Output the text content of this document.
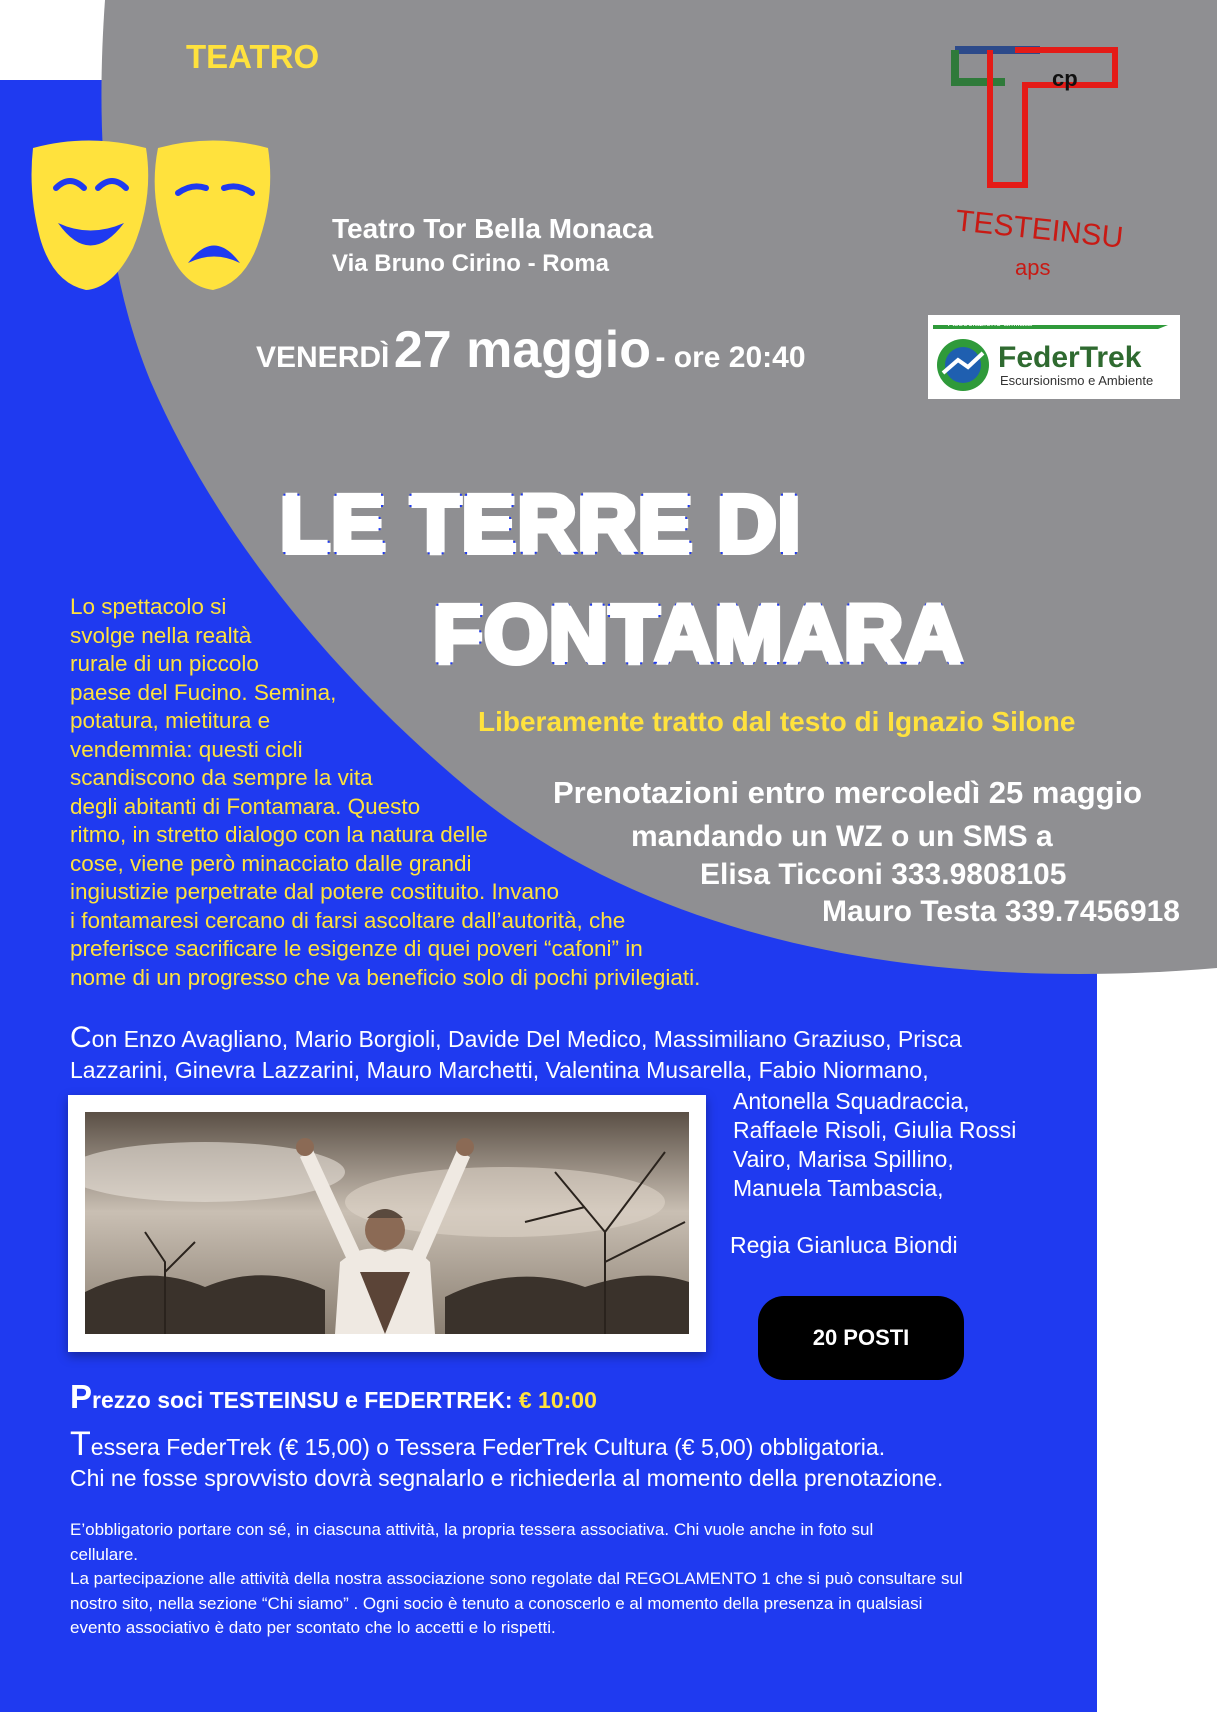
TEATRO
Teatro Tor Bella Monaca
Via Bruno Cirino - Roma
VENERDÌ 27 maggio - ore 20:40
cp
TESTEINSU
aps
Associazione affiliata
FederTrek
Escursionismo e Ambiente
LE TERRE DI
FONTAMARA
Liberamente tratto dal testo di Ignazio Silone
Prenotazioni entro mercoledì 25 maggio
mandando un WZ o un SMS a
Elisa Ticconi 333.9808105
Mauro Testa 339.7456918
Lo spettacolo si
svolge nella realtà
rurale di un piccolo
paese del Fucino. Semina,
potatura, mietitura e
vendemmia: questi cicli
scandiscono da sempre la vita
degli abitanti di Fontamara. Questo
ritmo, in stretto dialogo con la natura delle
cose, viene però minacciato dalle grandi
ingiustizie perpetrate dal potere costituito. Invano
i fontamaresi cercano di farsi ascoltare dall’autorità, che
preferisce sacrificare le esigenze di quei poveri “cafoni” in
nome di un progresso che va beneficio solo di pochi privilegiati.
Con Enzo Avagliano, Mario Borgioli, Davide Del Medico, Massimiliano Graziuso, Prisca
Lazzarini, Ginevra Lazzarini, Mauro Marchetti, Valentina Musarella, Fabio Niormano,
Antonella Squadraccia,
Raffaele Risoli, Giulia Rossi
Vairo, Marisa Spillino,
Manuela Tambascia,
Regia Gianluca Biondi
20 POSTI
Prezzo soci TESTEINSU e FEDERTREK: € 10:00
Tessera FederTrek (€ 15,00) o Tessera FederTrek Cultura (€ 5,00) obbligatoria.
Chi ne fosse sprovvisto dovrà segnalarlo e richiederla al momento della prenotazione.
E’obbligatorio portare con sé, in ciascuna attività, la propria tessera associativa. Chi vuole anche in foto sul
cellulare.
La partecipazione alle attività della nostra associazione sono regolate dal REGOLAMENTO 1 che si può consultare sul
nostro sito, nella sezione “Chi siamo” . Ogni socio è tenuto a conoscerlo e al momento della presenza in qualsiasi
evento associativo è dato per scontato che lo accetti e lo rispetti.
